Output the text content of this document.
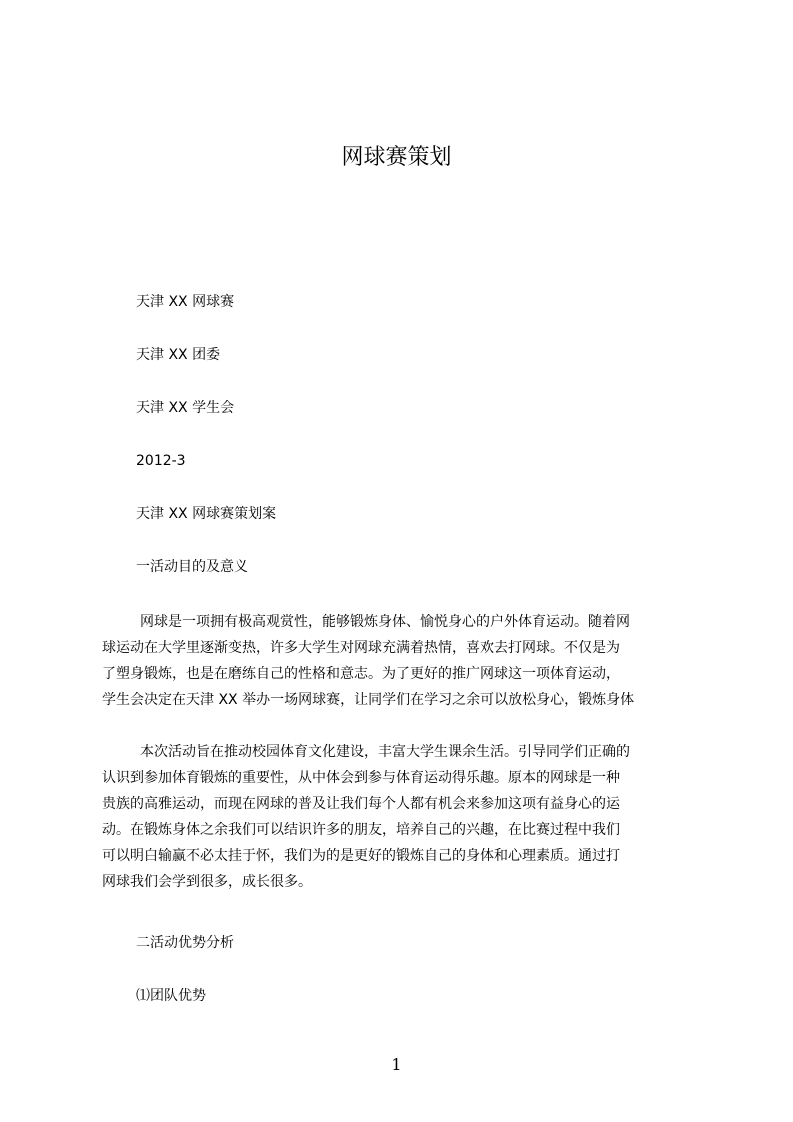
网球赛策划
天津 XX 网球赛
天津 XX 团委
天津 XX 学生会
2012-3
天津 XX 网球赛策划案
一活动目的及意义
网球是一项拥有极高观赏性，能够锻炼身体、愉悦身心的户外体育运动。随着网
球运动在大学里逐渐变热，许多大学生对网球充满着热情，喜欢去打网球。不仅是为
了塑身锻炼，也是在磨练自己的性格和意志。为了更好的推广网球这一项体育运动，
学生会决定在天津 XX 举办一场网球赛，让同学们在学习之余可以放松身心，锻炼身体
本次活动旨在推动校园体育文化建设，丰富大学生课余生活。引导同学们正确的
认识到参加体育锻炼的重要性，从中体会到参与体育运动得乐趣。原本的网球是一种
贵族的高雅运动，而现在网球的普及让我们每个人都有机会来参加这项有益身心的运
动。在锻炼身体之余我们可以结识许多的朋友，培养自己的兴趣，在比赛过程中我们
可以明白输赢不必太挂于怀，我们为的是更好的锻炼自己的身体和心理素质。通过打
网球我们会学到很多，成长很多。
二活动优势分析
⑴团队优势
1
